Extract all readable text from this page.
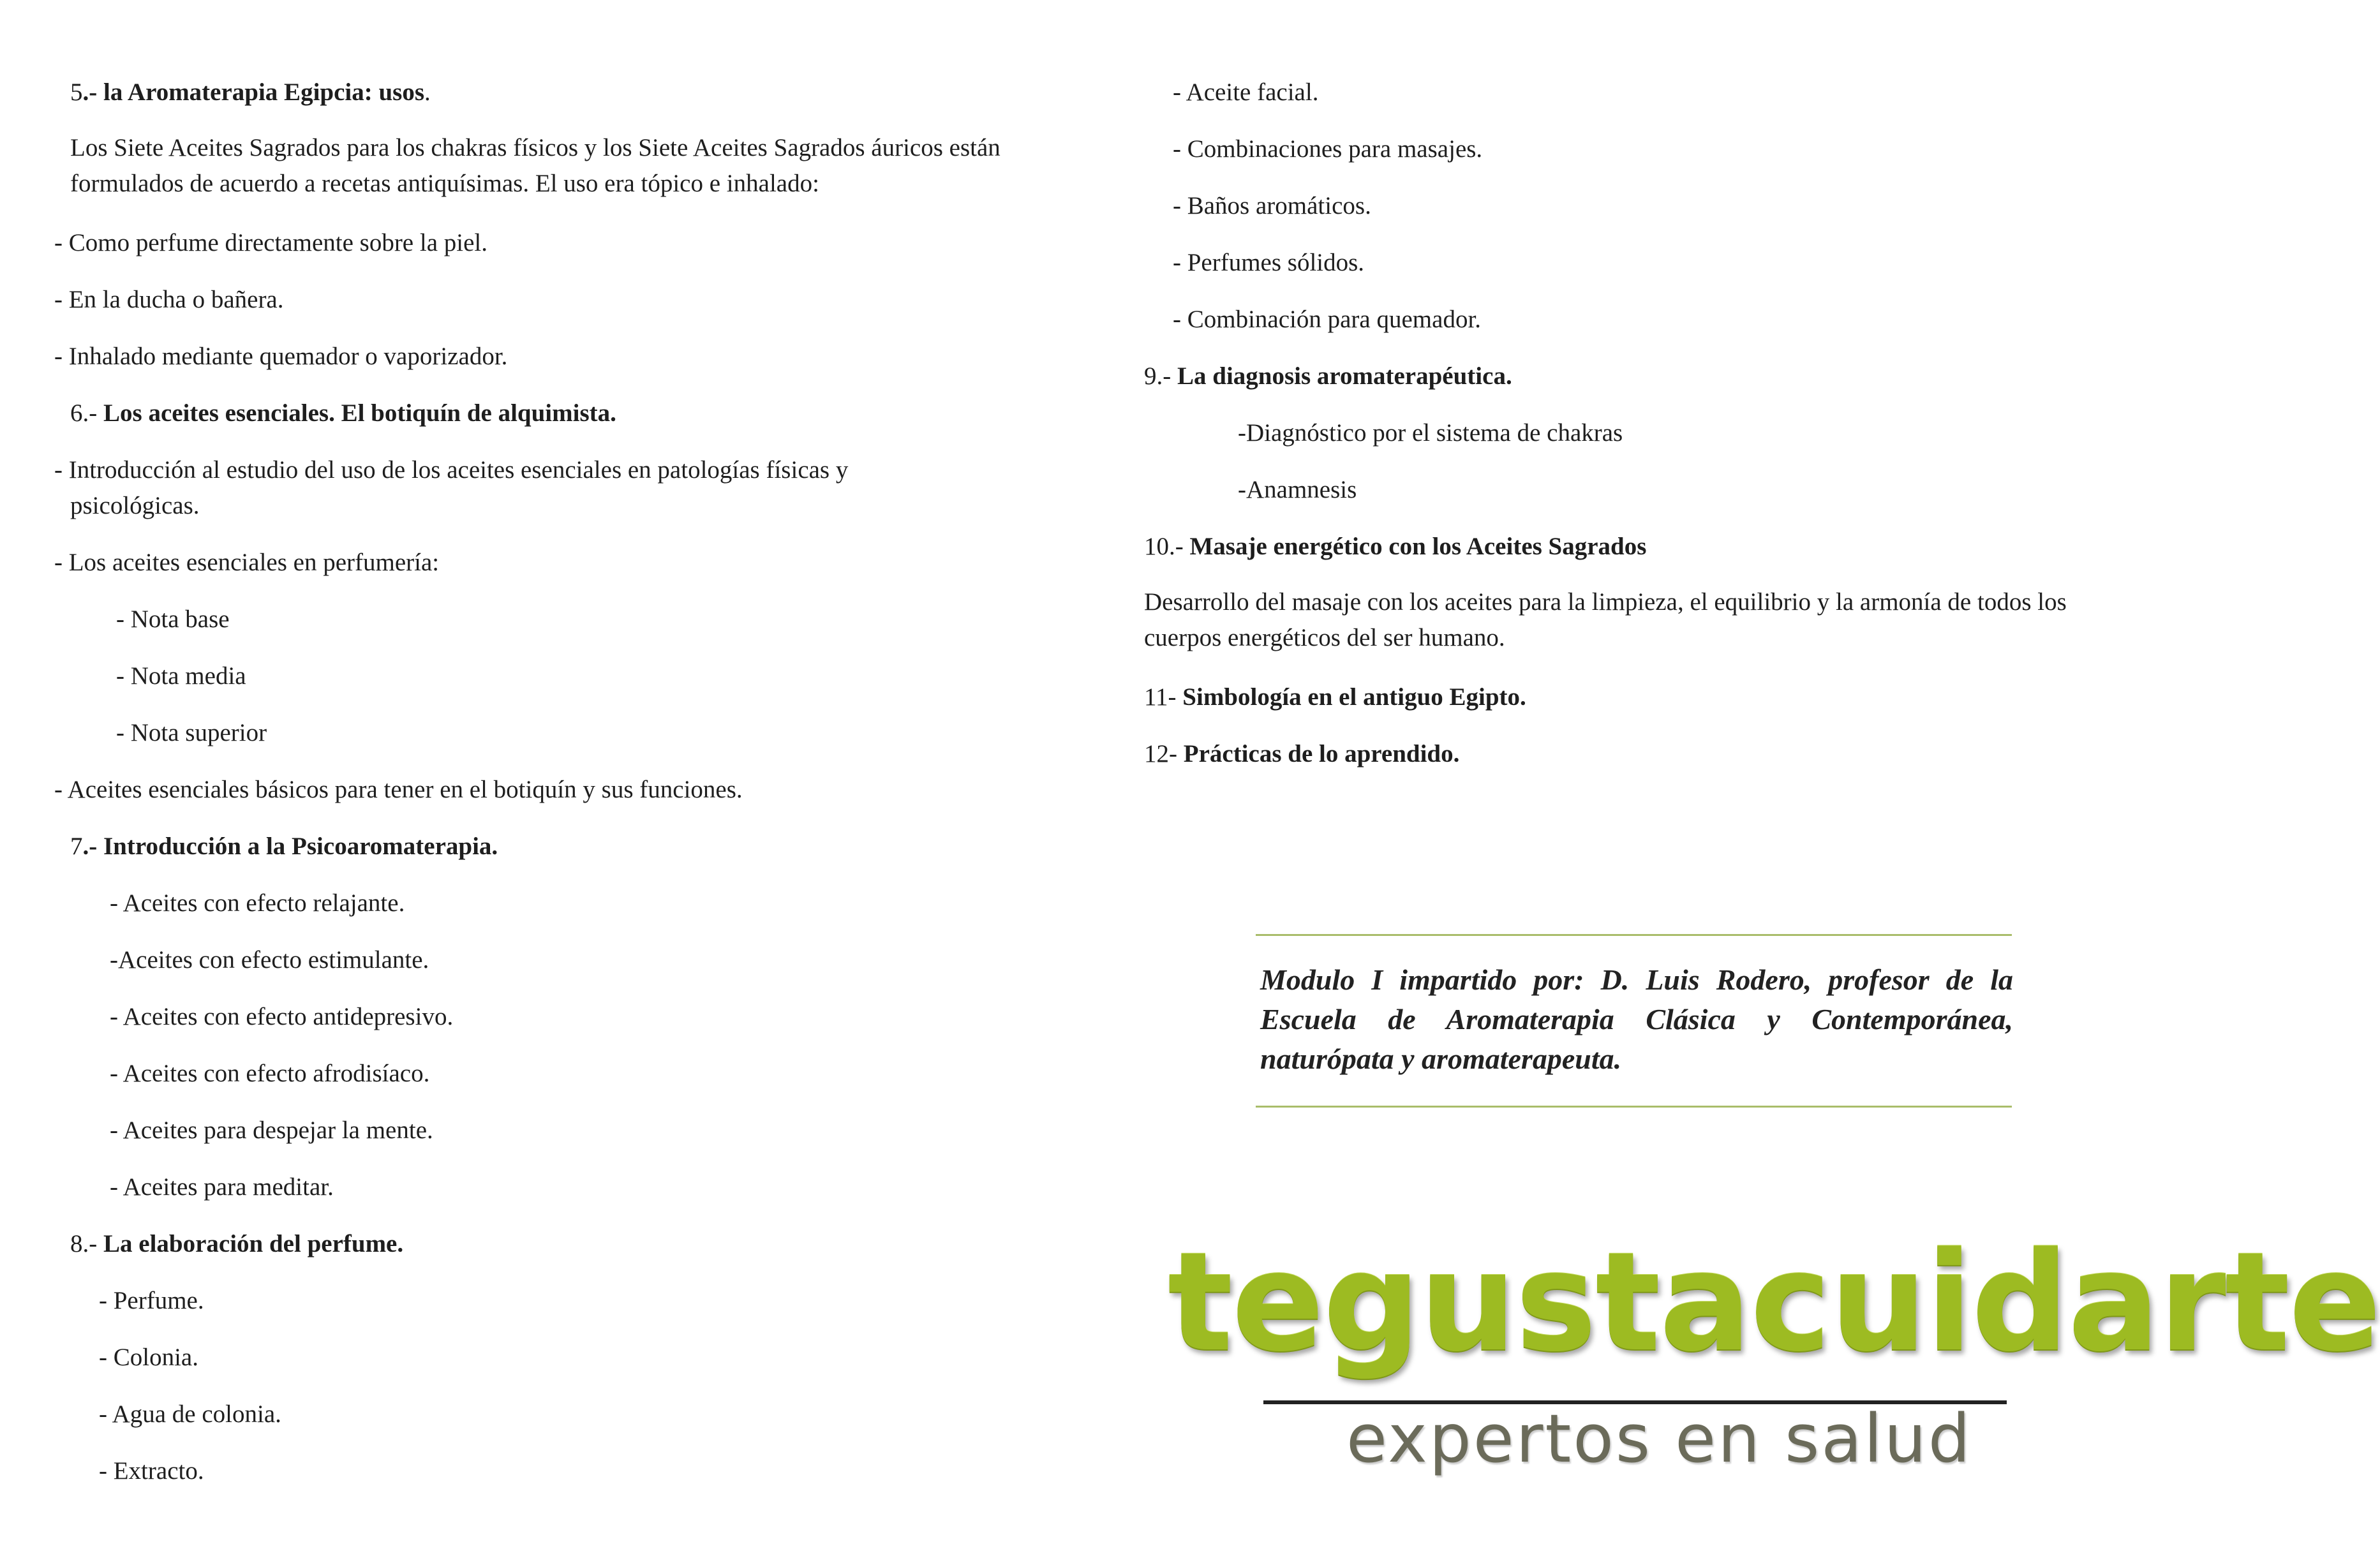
5.- la Aromaterapia Egipcia: usos.

Los Siete Aceites Sagrados para los chakras físicos y los Siete Aceites Sagrados áuricos están formulados de acuerdo a recetas antiquísimas. El uso era tópico e inhalado:

- Como perfume directamente sobre la piel.

- En la ducha o bañera.

- Inhalado mediante quemador o vaporizador.

6.- Los aceites esenciales. El botiquín de alquimista.

- Introducción al estudio del uso de los aceites esenciales en patologías físicas y

psicológicas.

- Los aceites esenciales en perfumería:

- Nota base

- Nota media

- Nota superior

- Aceites esenciales básicos para tener en el botiquín y sus funciones.

7.- Introducción a la Psicoaromaterapia.

- Aceites con efecto relajante.

-Aceites con efecto estimulante.

- Aceites con efecto antidepresivo.

- Aceites con efecto afrodisíaco.

- Aceites para despejar la mente.

- Aceites para meditar.

8.- La elaboración del perfume.

- Perfume.

- Colonia.

- Agua de colonia.

- Extracto.

- Aceite facial.

- Combinaciones para masajes.

- Baños aromáticos.

- Perfumes sólidos.

- Combinación para quemador.

9.- La diagnosis aromaterapéutica.

-Diagnóstico por el sistema de chakras

-Anamnesis

10.- Masaje energético con los Aceites Sagrados

Desarrollo del masaje con los aceites para la limpieza, el equilibrio y la armonía de todos los cuerpos energéticos del ser humano.

11- Simbología en el antiguo Egipto.

12- Prácticas de lo aprendido.

Modulo I impartido por: D. Luis Rodero, profesor de la Escuela de Aromaterapia Clásica y Contemporánea, naturópata y aromaterapeuta.

tegustacuidarte
expertos en salud
